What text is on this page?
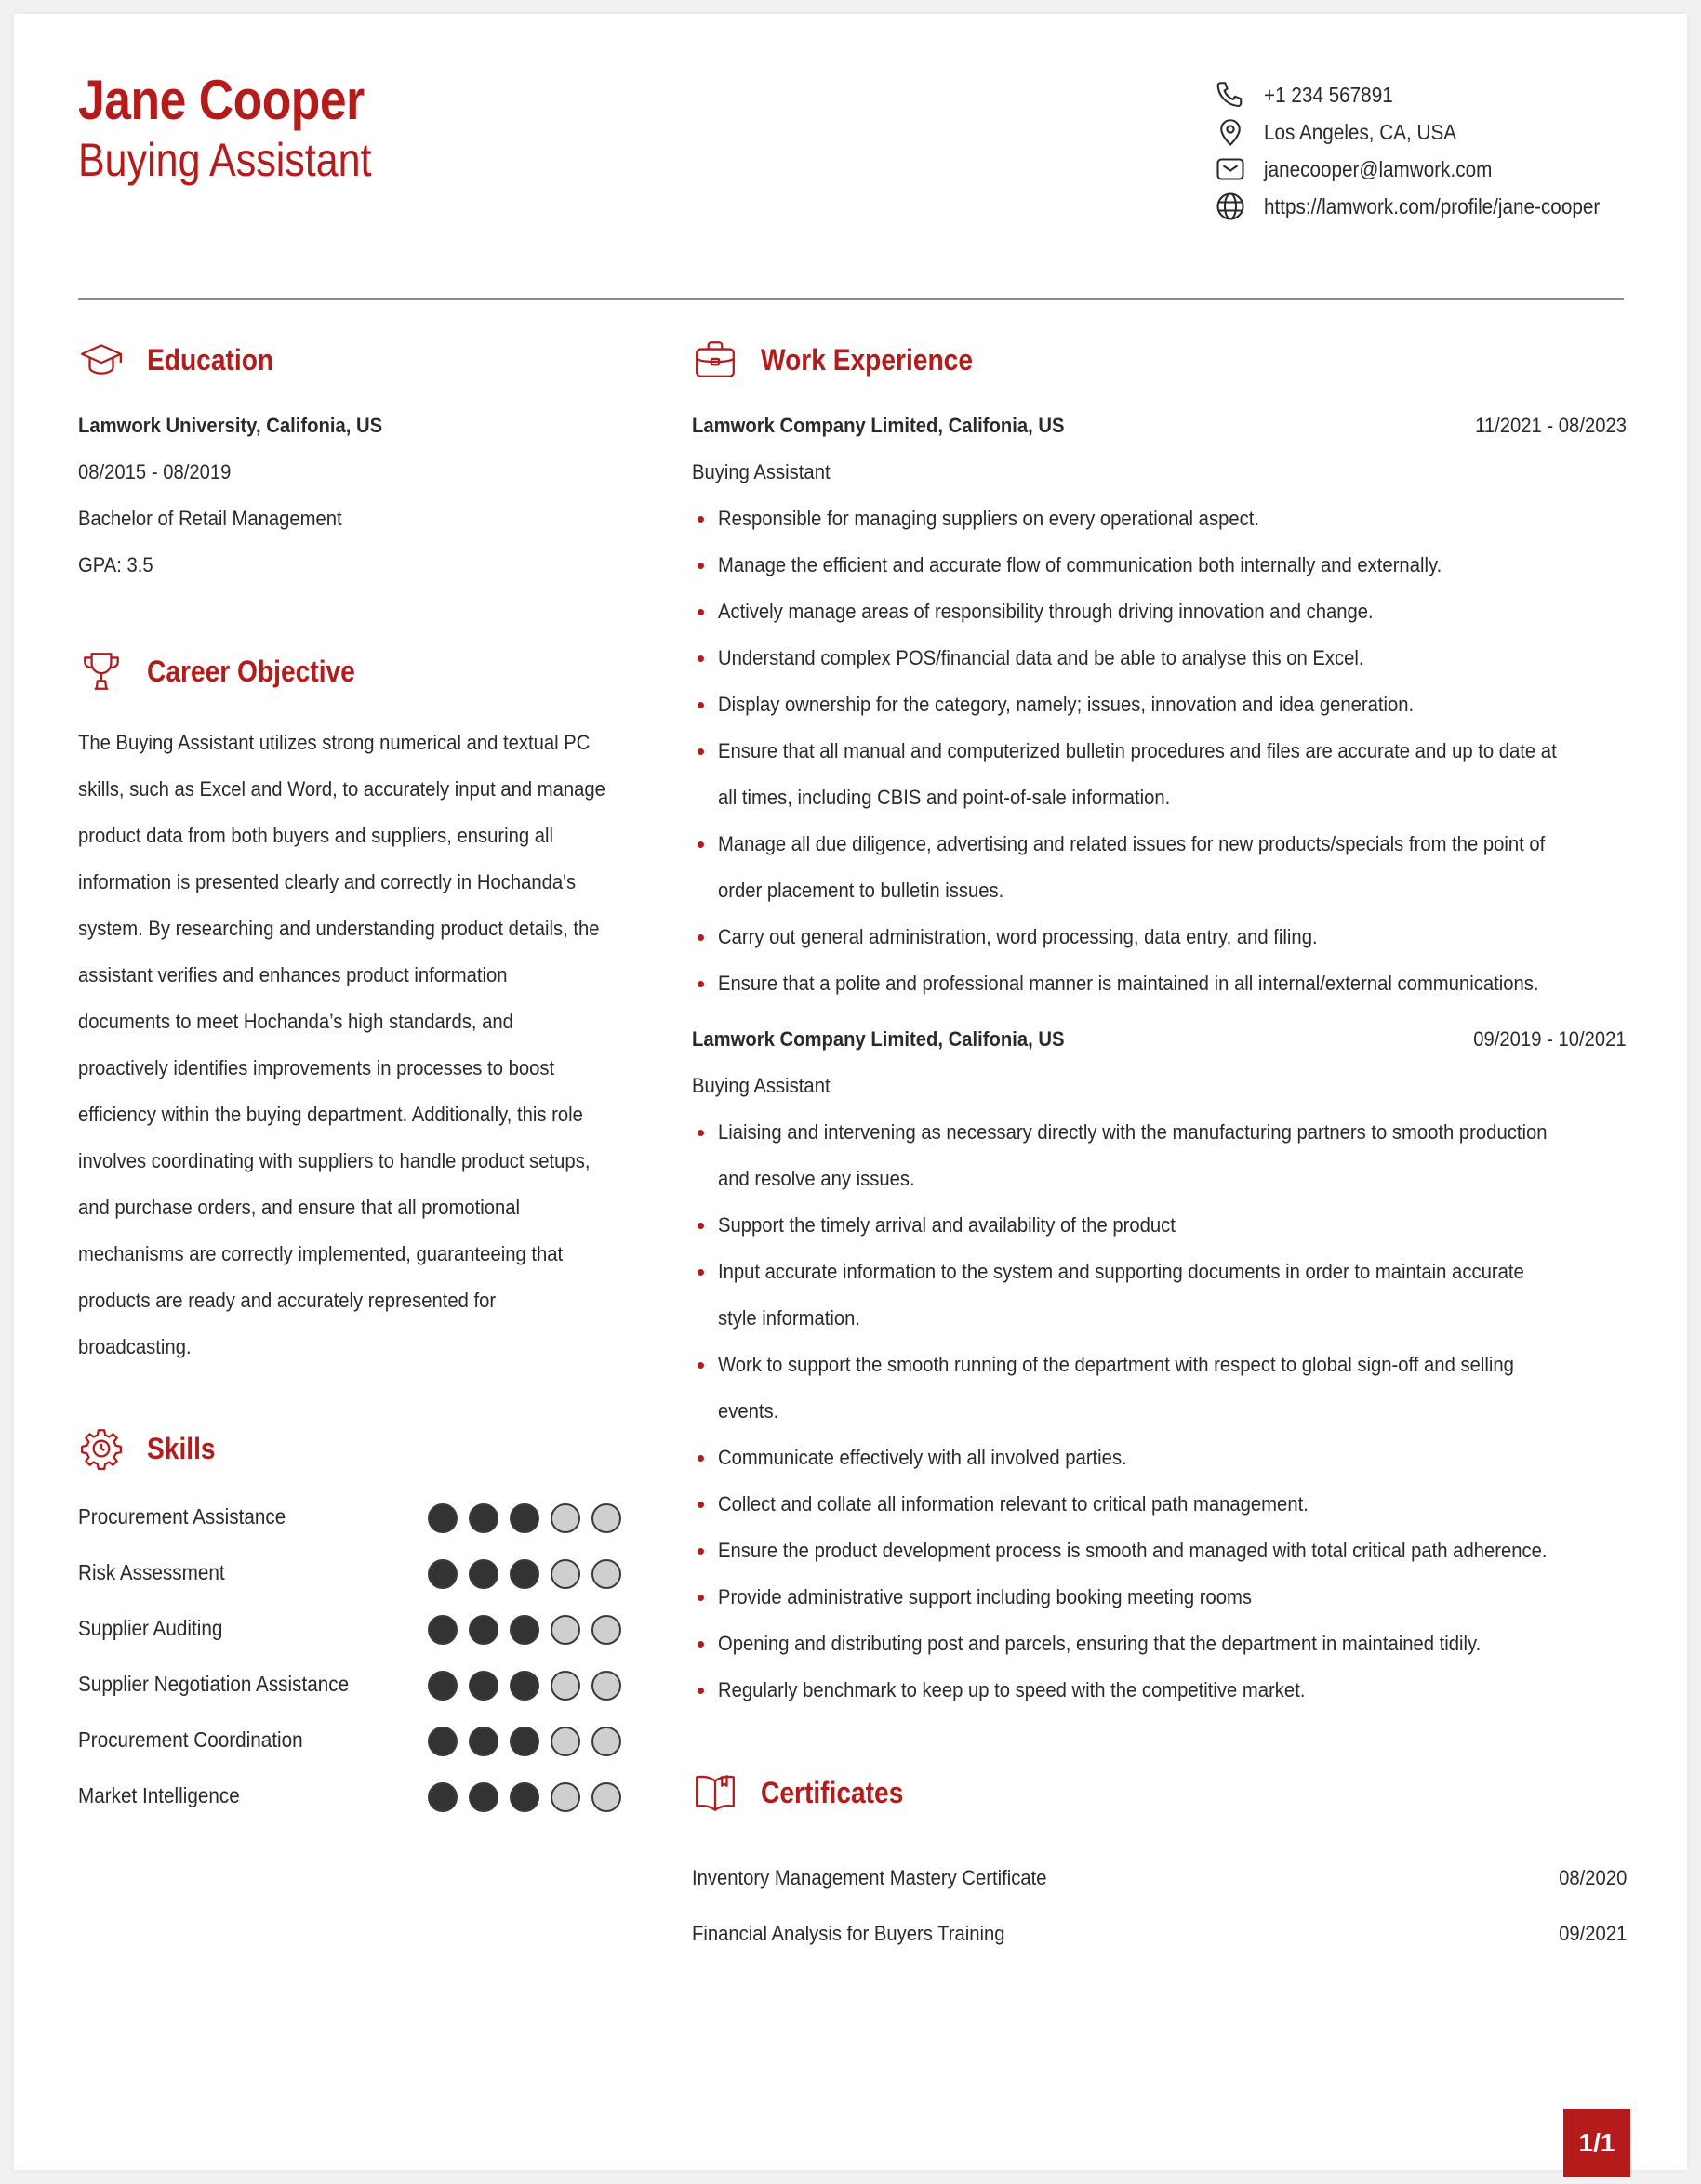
Jane Cooper
Buying Assistant
+1 234 567891
Los Angeles, CA, USA
janecooper@lamwork.com
https://lamwork.com/profile/jane-cooper
Education
Lamwork University, Califonia, US
08/2015 - 08/2019
Bachelor of Retail Management
GPA: 3.5
Career Objective
The Buying Assistant utilizes strong numerical and textual PC
skills, such as Excel and Word, to accurately input and manage
product data from both buyers and suppliers, ensuring all
information is presented clearly and correctly in Hochanda's
system. By researching and understanding product details, the
assistant verifies and enhances product information
documents to meet Hochanda’s high standards, and
proactively identifies improvements in processes to boost
efficiency within the buying department. Additionally, this role
involves coordinating with suppliers to handle product setups,
and purchase orders, and ensure that all promotional
mechanisms are correctly implemented, guaranteeing that
products are ready and accurately represented for
broadcasting.
Skills
Procurement Assistance
Risk Assessment
Supplier Auditing
Supplier Negotiation Assistance
Procurement Coordination
Market Intelligence
Work Experience
Lamwork Company Limited, Califonia, US	11/2021 - 08/2023
Buying Assistant
Responsible for managing suppliers on every operational aspect.
Manage the efficient and accurate flow of communication both internally and externally.
Actively manage areas of responsibility through driving innovation and change.
Understand complex POS/financial data and be able to analyse this on Excel.
Display ownership for the category, namely; issues, innovation and idea generation.
Ensure that all manual and computerized bulletin procedures and files are accurate and up to date at
all times, including CBIS and point-of-sale information.
Manage all due diligence, advertising and related issues for new products/specials from the point of
order placement to bulletin issues.
Carry out general administration, word processing, data entry, and filing.
Ensure that a polite and professional manner is maintained in all internal/external communications.
Lamwork Company Limited, Califonia, US	09/2019 - 10/2021
Buying Assistant
Liaising and intervening as necessary directly with the manufacturing partners to smooth production
and resolve any issues.
Support the timely arrival and availability of the product
Input accurate information to the system and supporting documents in order to maintain accurate
style information.
Work to support the smooth running of the department with respect to global sign-off and selling
events.
Communicate effectively with all involved parties.
Collect and collate all information relevant to critical path management.
Ensure the product development process is smooth and managed with total critical path adherence.
Provide administrative support including booking meeting rooms
Opening and distributing post and parcels, ensuring that the department in maintained tidily.
Regularly benchmark to keep up to speed with the competitive market.
Certificates
Inventory Management Mastery Certificate	08/2020
Financial Analysis for Buyers Training	09/2021
1/1
